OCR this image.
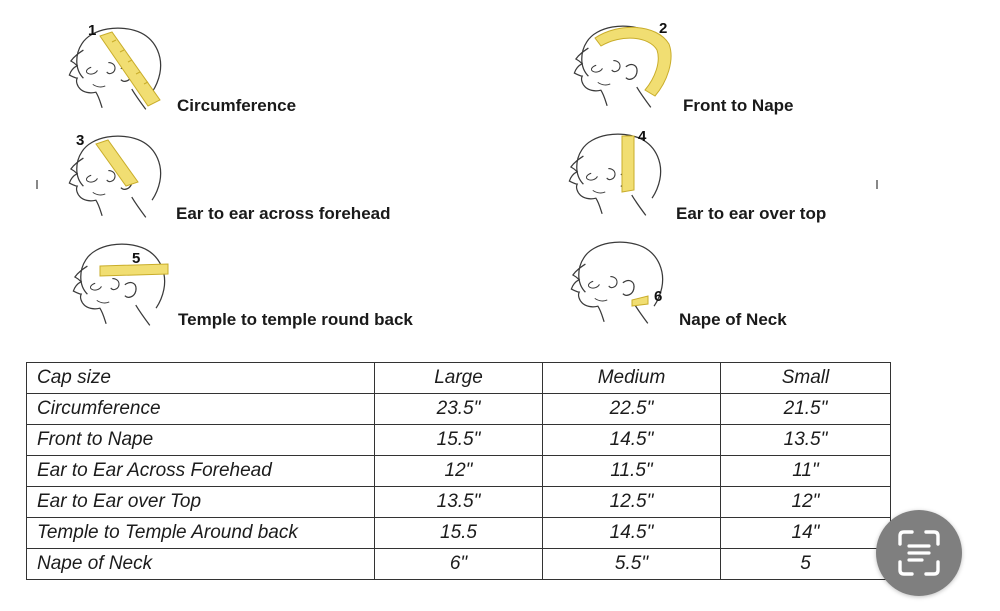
1
Circumference
2
Front to Nape
3
Ear to ear across forehead
4
Ear to ear over top
5
Temple to temple round back
6
Nape of Neck
Cap size	Large	Medium	Small
Circumference	23.5"	22.5"	21.5"
Front to Nape	15.5"	14.5"	13.5"
Ear to Ear Across Forehead	12"	11.5"	11"
Ear to Ear over Top	13.5"	12.5"	12"
Temple to Temple Around back	15.5	14.5"	14"
Nape of Neck	6"	5.5"	5
